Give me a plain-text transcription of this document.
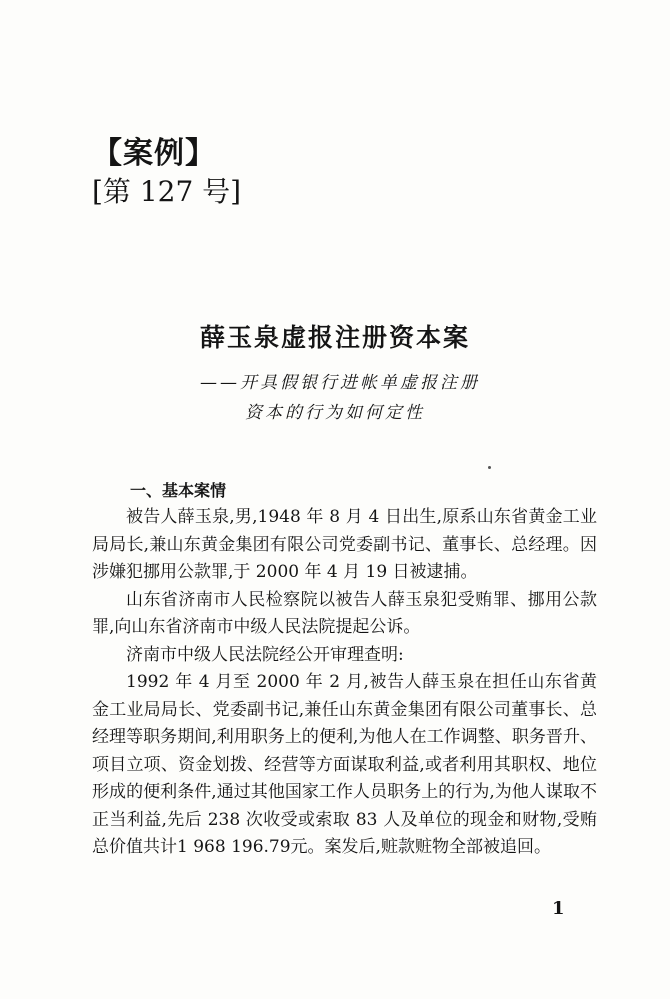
【案例】
[第 127 号]
薛玉泉虚报注册资本案
——开具假银行进帐单虚报注册
资本的行为如何定性
一、基本案情

被告人薛玉泉,男,1948 年 8 月 4 日出生,原系山东省黄金工业局局长,兼山东黄金集团有限公司党委副书记、董事长、总经理。因涉嫌犯挪用公款罪,于 2000 年 4 月 19 日被逮捕。

山东省济南市人民检察院以被告人薛玉泉犯受贿罪、挪用公款罪,向山东省济南市中级人民法院提起公诉。

济南市中级人民法院经公开审理查明:

1992 年 4 月至 2000 年 2 月,被告人薛玉泉在担任山东省黄金工业局局长、党委副书记,兼任山东黄金集团有限公司董事长、总经理等职务期间,利用职务上的便利,为他人在工作调整、职务晋升、项目立项、资金划拨、经营等方面谋取利益,或者利用其职权、地位形成的便利条件,通过其他国家工作人员职务上的行为,为他人谋取不正当利益,先后 238 次收受或索取 83 人及单位的现金和财物,受贿总价值共计1 968 196.79元。案发后,赃款赃物全部被追回。

1
